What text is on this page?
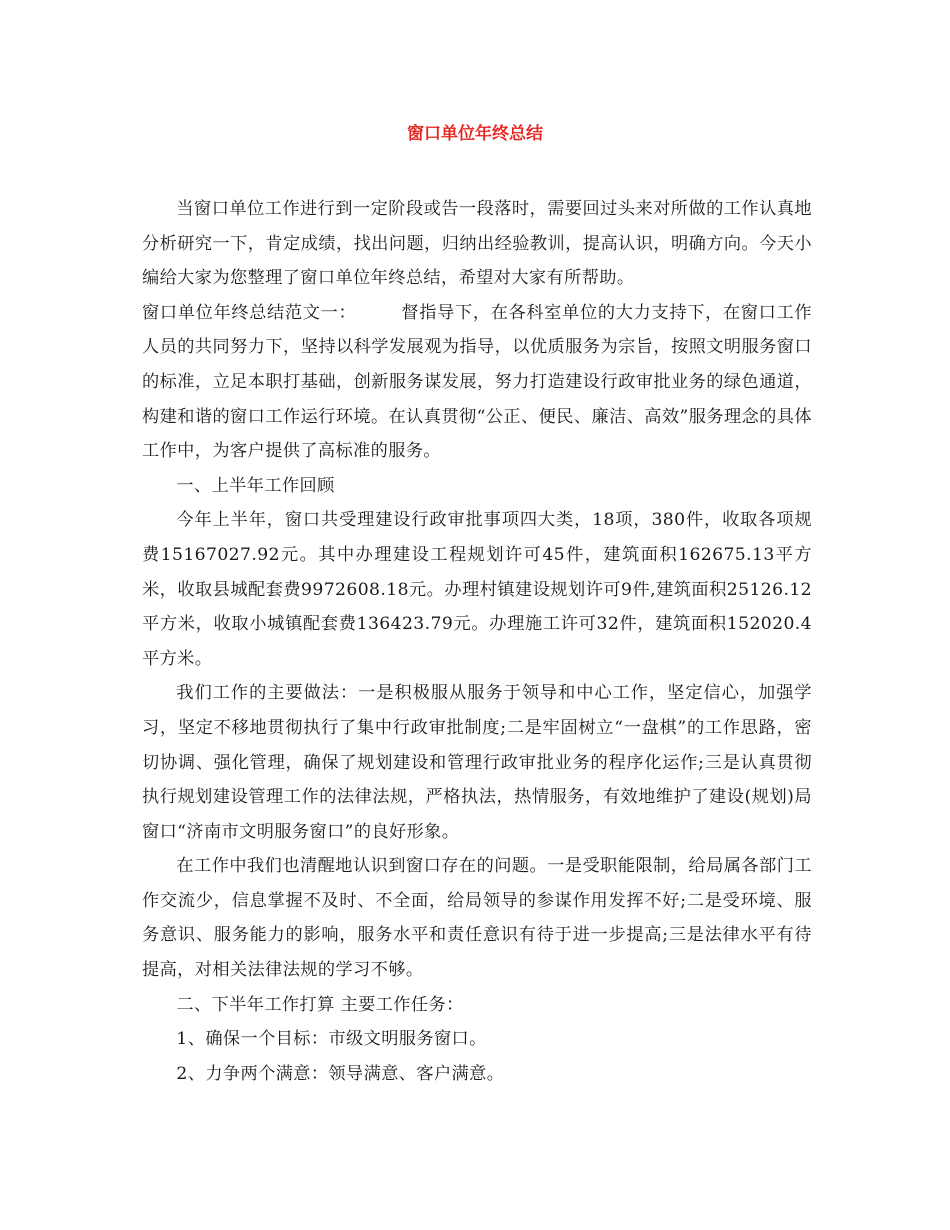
窗口单位年终总结

当窗口单位工作进行到一定阶段或告一段落时，需要回过头来对所做的工作认真地分析研究一下，肯定成绩，找出问题，归纳出经验教训，提高认识，明确方向。今天小编给大家为您整理了窗口单位年终总结，希望对大家有所帮助。

窗口单位年终总结范文一：　　　督指导下，在各科室单位的大力支持下，在窗口工作人员的共同努力下，坚持以科学发展观为指导，以优质服务为宗旨，按照文明服务窗口的标准，立足本职打基础，创新服务谋发展，努力打造建设行政审批业务的绿色通道，构建和谐的窗口工作运行环境。在认真贯彻“公正、便民、廉洁、高效”服务理念的具体工作中，为客户提供了高标准的服务。

一、上半年工作回顾

今年上半年，窗口共受理建设行政审批事项四大类，18项，380件，收取各项规费15167027.92元。其中办理建设工程规划许可45件，建筑面积162675.13平方米，收取县城配套费9972608.18元。办理村镇建设规划许可9件,建筑面积25126.12平方米，收取小城镇配套费136423.79元。办理施工许可32件，建筑面积152020.4平方米。

我们工作的主要做法：一是积极服从服务于领导和中心工作，坚定信心，加强学习，坚定不移地贯彻执行了集中行政审批制度;二是牢固树立“一盘棋”的工作思路，密切协调、强化管理，确保了规划建设和管理行政审批业务的程序化运作;三是认真贯彻执行规划建设管理工作的法律法规，严格执法，热情服务，有效地维护了建设(规划)局窗口“济南市文明服务窗口”的良好形象。

在工作中我们也清醒地认识到窗口存在的问题。一是受职能限制，给局属各部门工作交流少，信息掌握不及时、不全面，给局领导的参谋作用发挥不好;二是受环境、服务意识、服务能力的影响，服务水平和责任意识有待于进一步提高;三是法律水平有待提高，对相关法律法规的学习不够。

二、下半年工作打算 主要工作任务：

1、确保一个目标：市级文明服务窗口。

2、力争两个满意：领导满意、客户满意。
